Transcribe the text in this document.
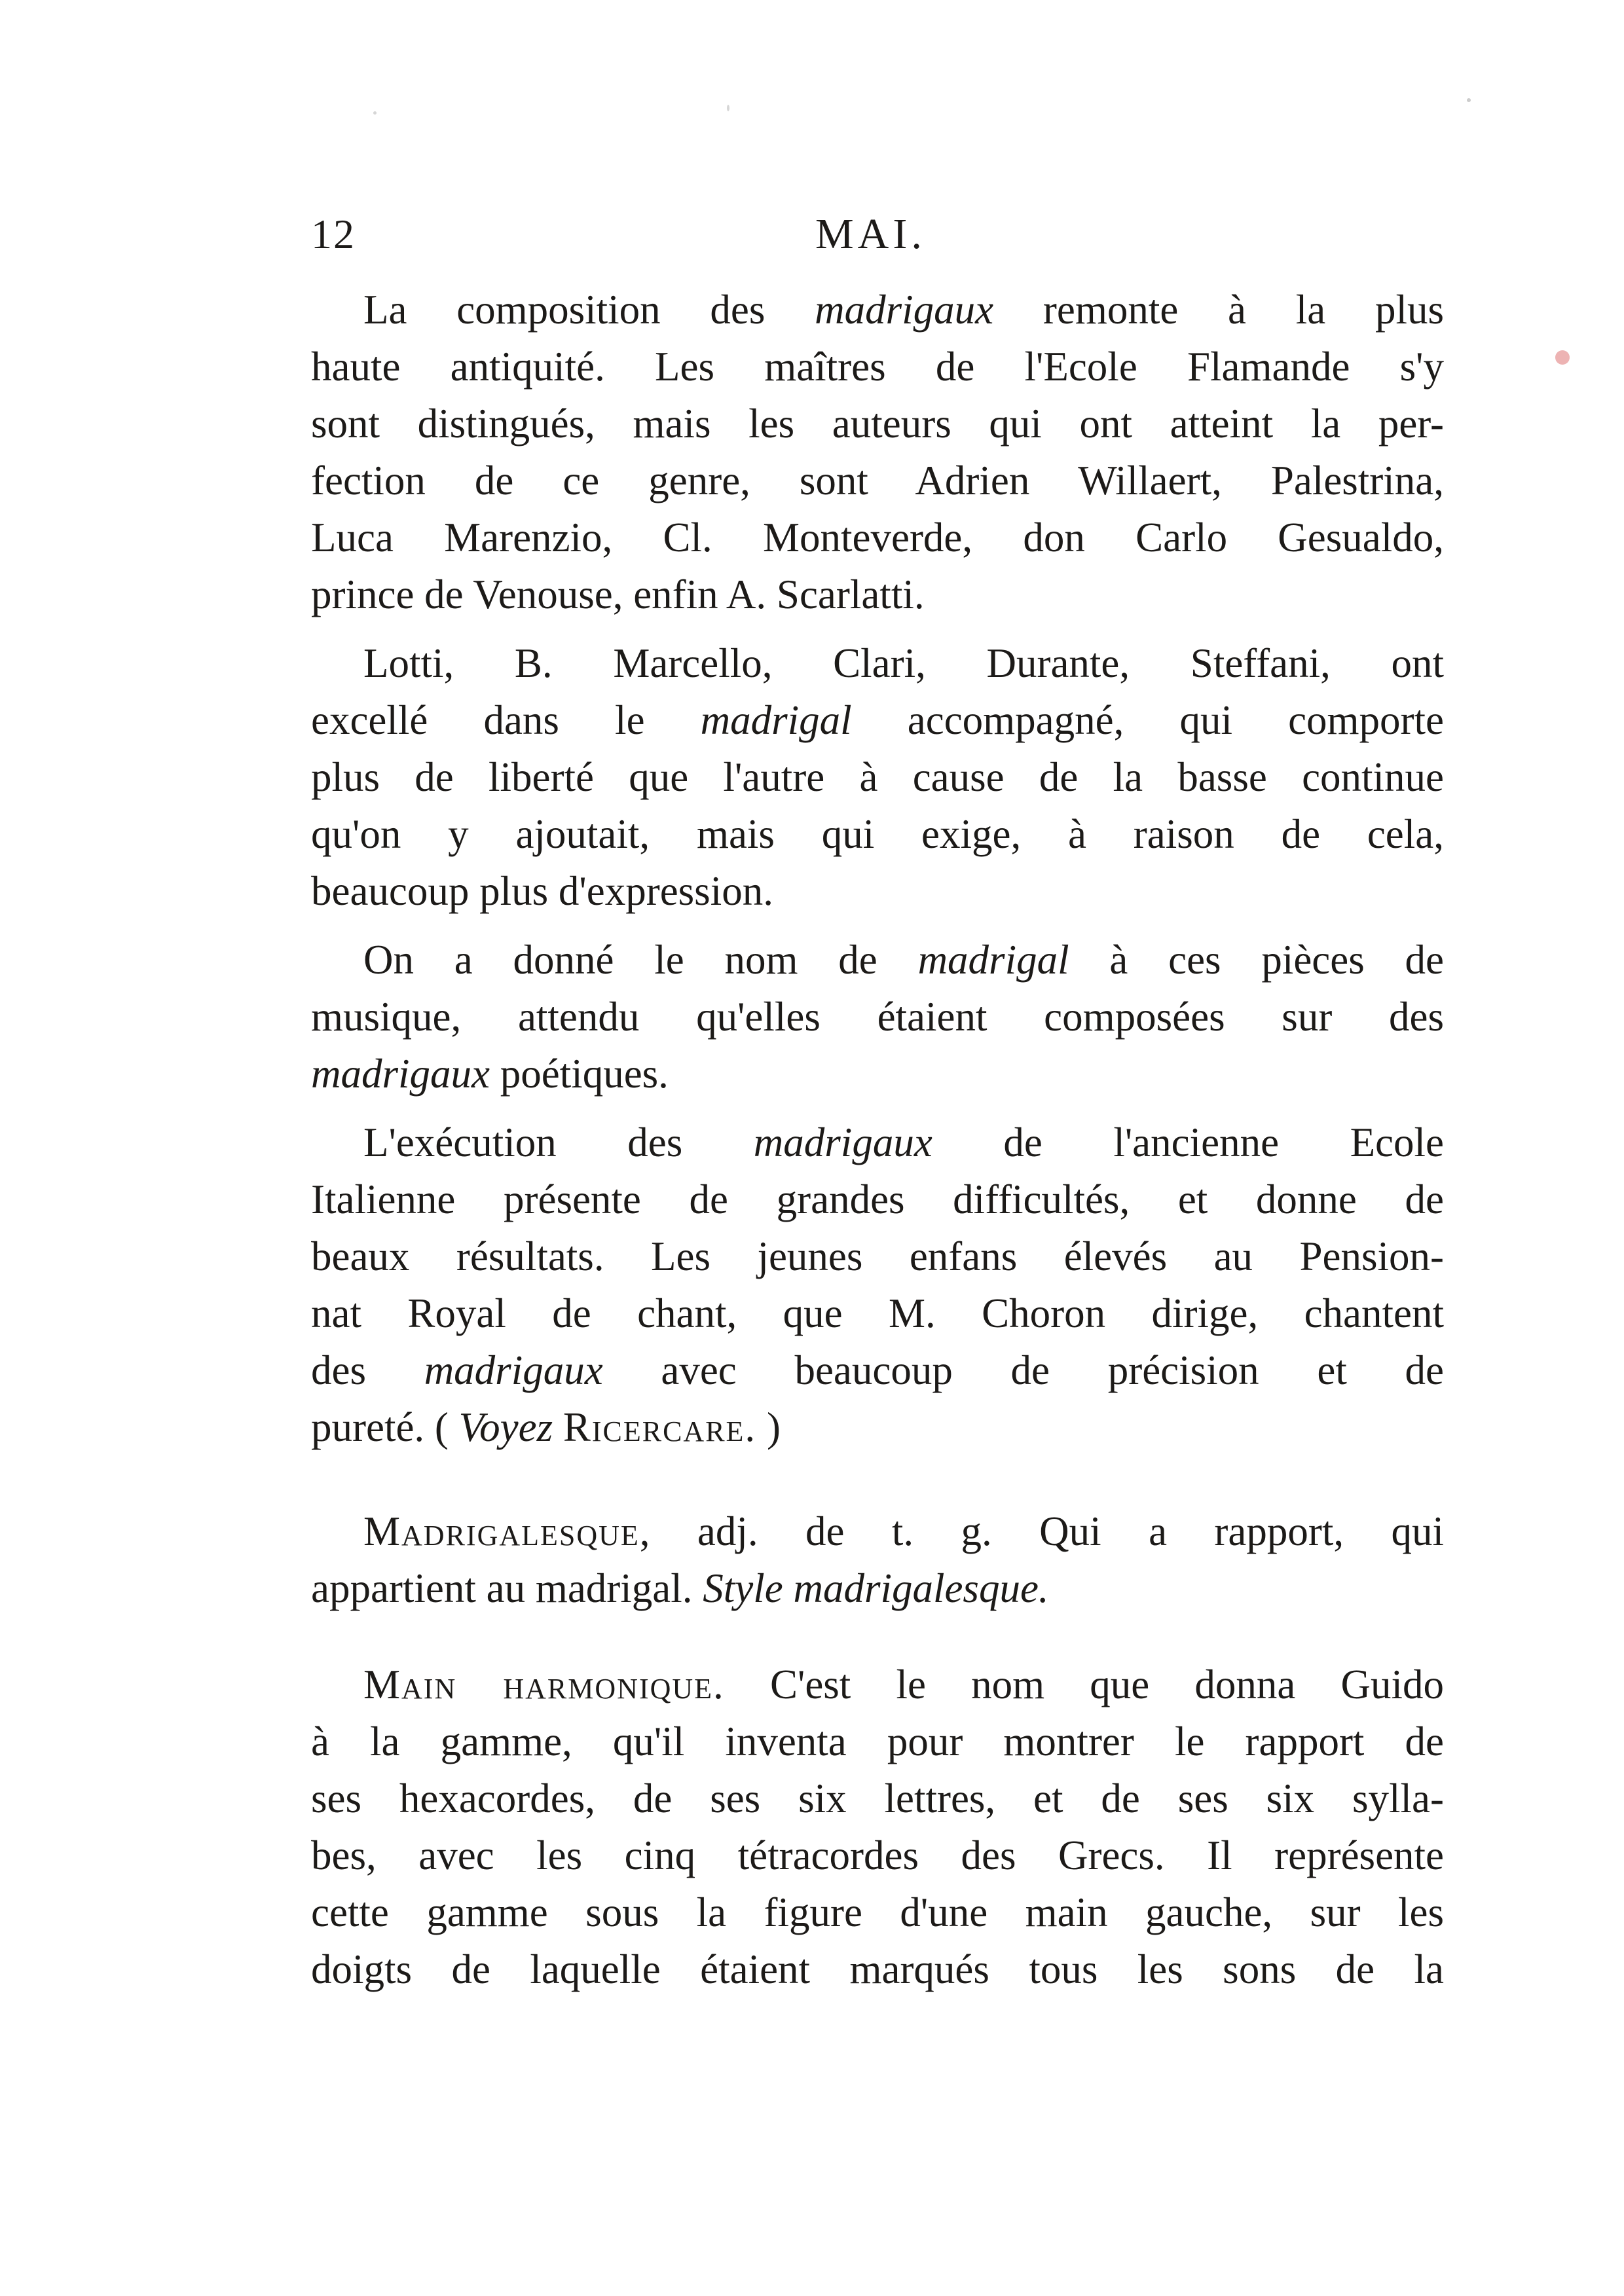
12	MAI.
La composition des madrigaux remonte à la plus
haute antiquité. Les maîtres de l'Ecole Flamande s'y
sont distingués, mais les auteurs qui ont atteint la per-
fection de ce genre, sont Adrien Willaert, Palestrina,
Luca Marenzio, Cl. Monteverde, don Carlo Gesualdo,
prince de Venouse, enfin A. Scarlatti.
Lotti, B. Marcello, Clari, Durante, Steffani, ont
excellé dans le madrigal accompagné, qui comporte
plus de liberté que l'autre à cause de la basse continue
qu'on y ajoutait, mais qui exige, à raison de cela,
beaucoup plus d'expression.
On a donné le nom de madrigal à ces pièces de
musique, attendu qu'elles étaient composées sur des
madrigaux poétiques.
L'exécution des madrigaux de l'ancienne Ecole
Italienne présente de grandes difficultés, et donne de
beaux résultats. Les jeunes enfans élevés au Pension-
nat Royal de chant, que M. Choron dirige, chantent
des madrigaux avec beaucoup de précision et de
pureté. ( Voyez Ricercare. )
Madrigalesque, adj. de t. g. Qui a rapport, qui
appartient au madrigal. Style madrigalesque.
Main harmonique. C'est le nom que donna Guido
à la gamme, qu'il inventa pour montrer le rapport de
ses hexacordes, de ses six lettres, et de ses six sylla-
bes, avec les cinq tétracordes des Grecs. Il représente
cette gamme sous la figure d'une main gauche, sur les
doigts de laquelle étaient marqués tous les sons de la
